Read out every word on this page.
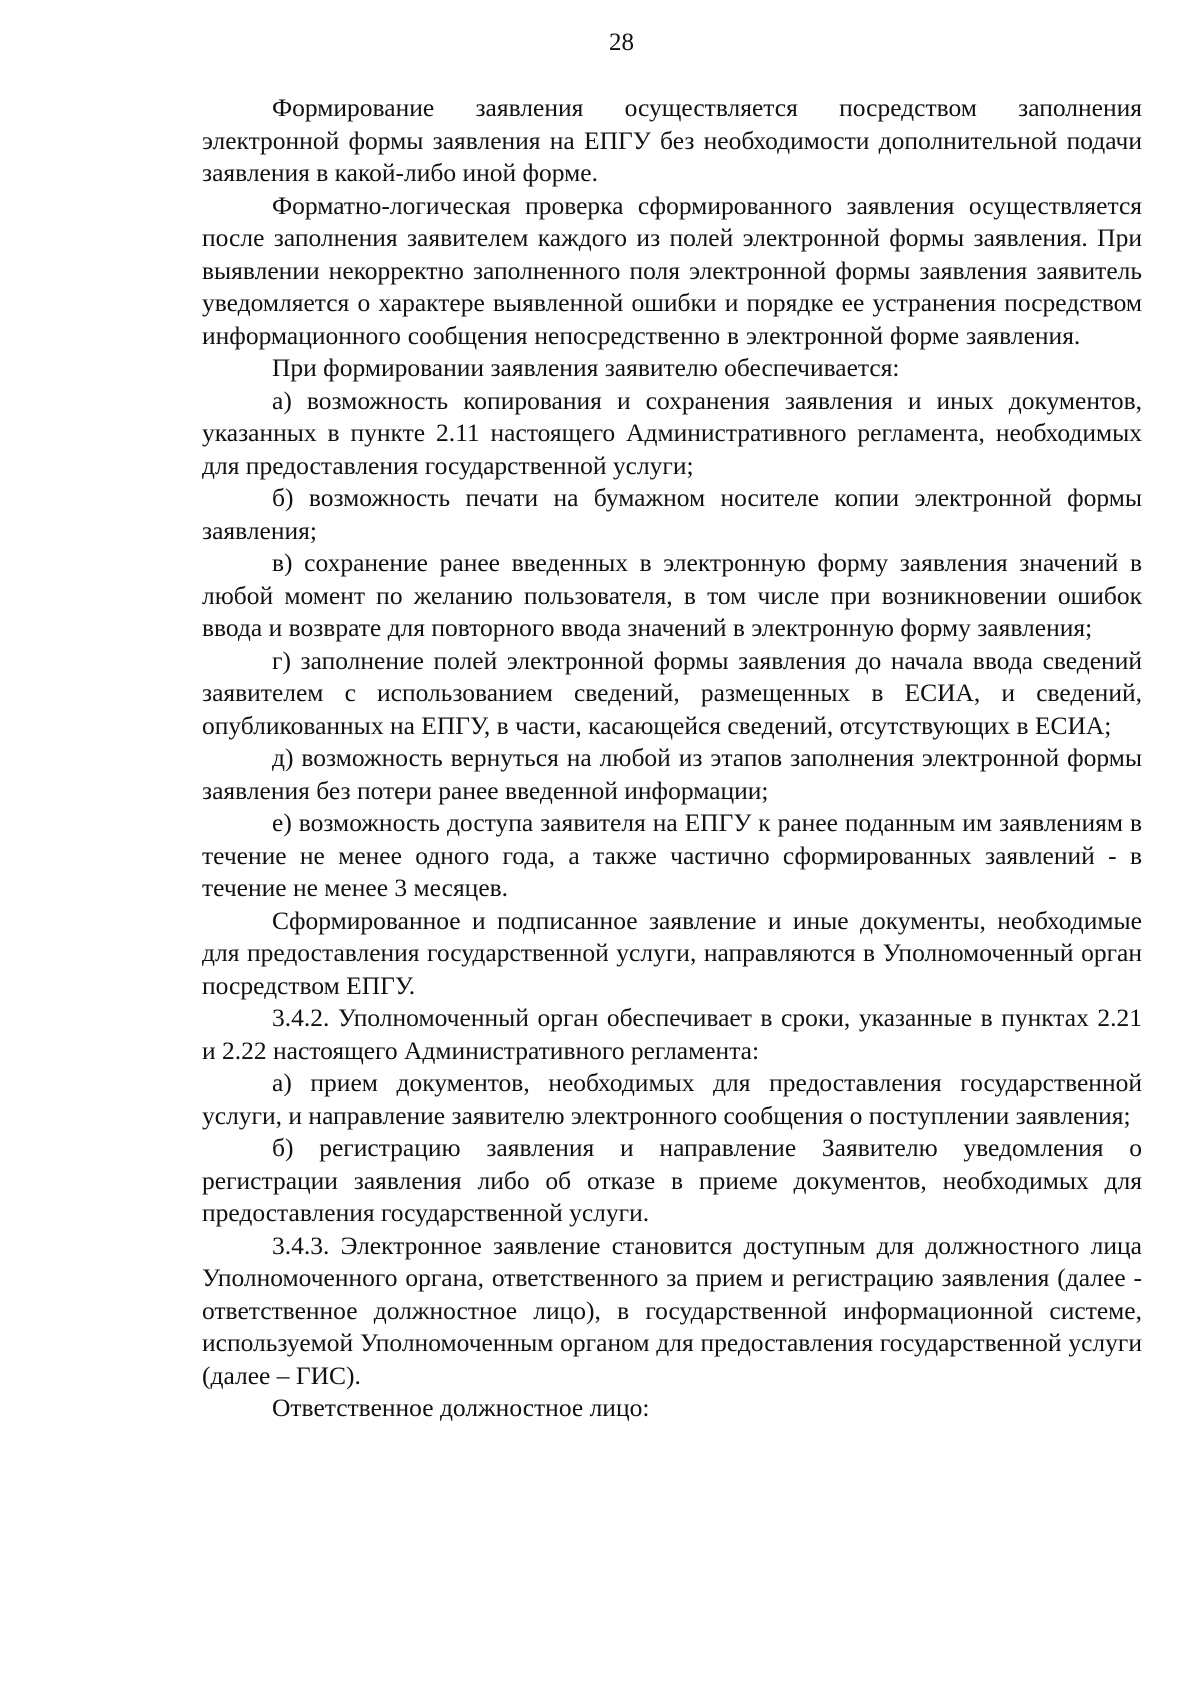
28

Формирование заявления осуществляется посредством заполнения электронной формы заявления на ЕПГУ без необходимости дополнительной подачи заявления в какой-либо иной форме.

Форматно-логическая проверка сформированного заявления осуществляется после заполнения заявителем каждого из полей электронной формы заявления. При выявлении некорректно заполненного поля электронной формы заявления заявитель уведомляется о характере выявленной ошибки и порядке ее устранения посредством информационного сообщения непосредственно в электронной форме заявления.

При формировании заявления заявителю обеспечивается:

а) возможность копирования и сохранения заявления и иных документов, указанных в пункте 2.11 настоящего Административного регламента, необходимых для предоставления государственной услуги;

б) возможность печати на бумажном носителе копии электронной формы заявления;

в) сохранение ранее введенных в электронную форму заявления значений в любой момент по желанию пользователя, в том числе при возникновении ошибок ввода и возврате для повторного ввода значений в электронную форму заявления;

г) заполнение полей электронной формы заявления до начала ввода сведений заявителем с использованием сведений, размещенных в ЕСИА, и сведений, опубликованных на ЕПГУ, в части, касающейся сведений, отсутствующих в ЕСИА;

д) возможность вернуться на любой из этапов заполнения электронной формы заявления без потери ранее введенной информации;

е) возможность доступа заявителя на ЕПГУ к ранее поданным им заявлениям в течение не менее одного года, а также частично сформированных заявлений - в течение не менее 3 месяцев.

Сформированное и подписанное заявление и иные документы, необходимые для предоставления государственной услуги, направляются в Уполномоченный орган посредством ЕПГУ.

3.4.2. Уполномоченный орган обеспечивает в сроки, указанные в пунктах 2.21 и 2.22 настоящего Административного регламента:

а) прием документов, необходимых для предоставления государственной услуги, и направление заявителю электронного сообщения о поступлении заявления;

б) регистрацию заявления и направление Заявителю уведомления о регистрации заявления либо об отказе в приеме документов, необходимых для предоставления государственной услуги.

3.4.3. Электронное заявление становится доступным для должностного лица Уполномоченного органа, ответственного за прием и регистрацию заявления (далее - ответственное должностное лицо), в государственной информационной системе, используемой Уполномоченным органом для предоставления государственной услуги (далее – ГИС).

Ответственное должностное лицо:
